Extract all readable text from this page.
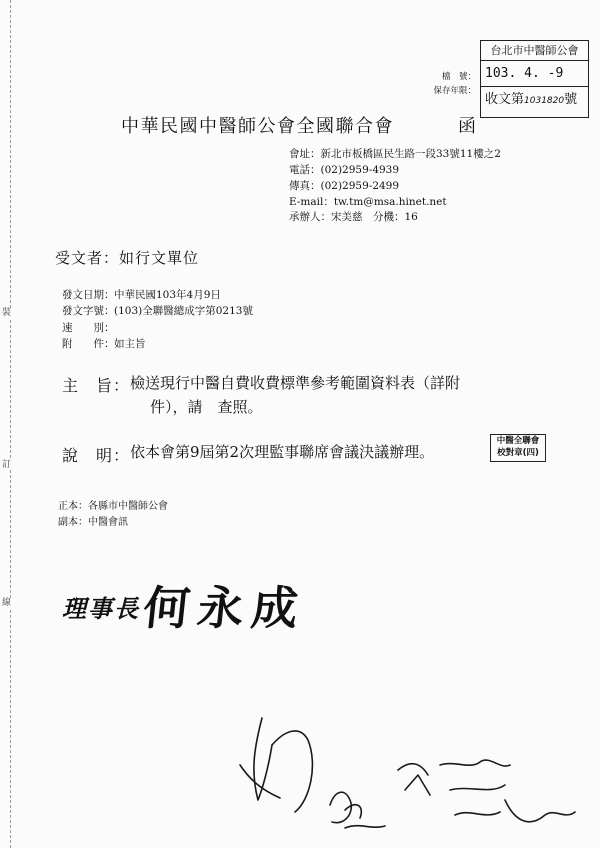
裝
訂
線
台北市中醫師公會
103. 4. -9
收文第1031820號
檔　號：
保存年限：
中華民國中醫師公會全國聯合會	函
會址：新北市板橋區民生路一段33號11樓之2
電話：(02)2959-4939
傳真：(02)2959-2499
E-mail：tw.tm@msa.hinet.net
承辦人：宋美慈　分機：16
受文者：如行文單位
發文日期：中華民國103年4月9日
發文字號：(103)全聯醫總成字第0213號
速　　別：
附　　件：如主旨
主　旨： 檢送現行中醫自費收費標準參考範圍資料表（詳附
件），請　查照。
說　明： 依本會第9屆第2次理監事聯席會議決議辦理。
中醫全聯會
校對章(四)
正本：各縣市中醫師公會
副本：中醫會訊
理事長 何永成
